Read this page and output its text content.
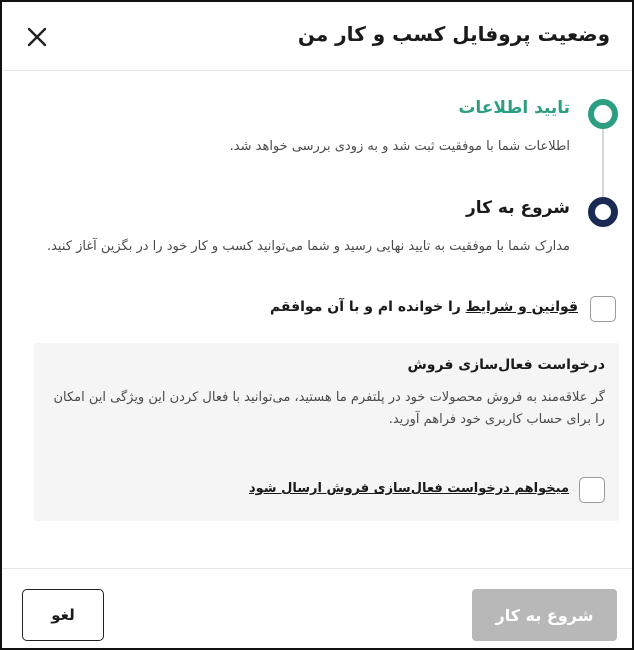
وضعیت پروفایل کسب و کار من
تایید اطلاعات
اطلاعات شما با موفقیت ثبت شد و به زودی بررسی خواهد شد.
شروع به کار
مدارک شما با موفقیت به تایید نهایی رسید و شما می‌توانید کسب و کار خود را در بگزین آغاز کنید.
قوانین و شرایط را خوانده ام و با آن موافقم
درخواست فعال‌سازی فروش
گر علاقه‌مند به فروش محصولات خود در پلتفرم ما هستید، می‌توانید با فعال کردن این ویژگی این امکان را برای حساب کاربری خود فراهم آورید.
میخواهم درخواست فعال‌سازی فروش ارسال شود
شروع به کار
لغو
